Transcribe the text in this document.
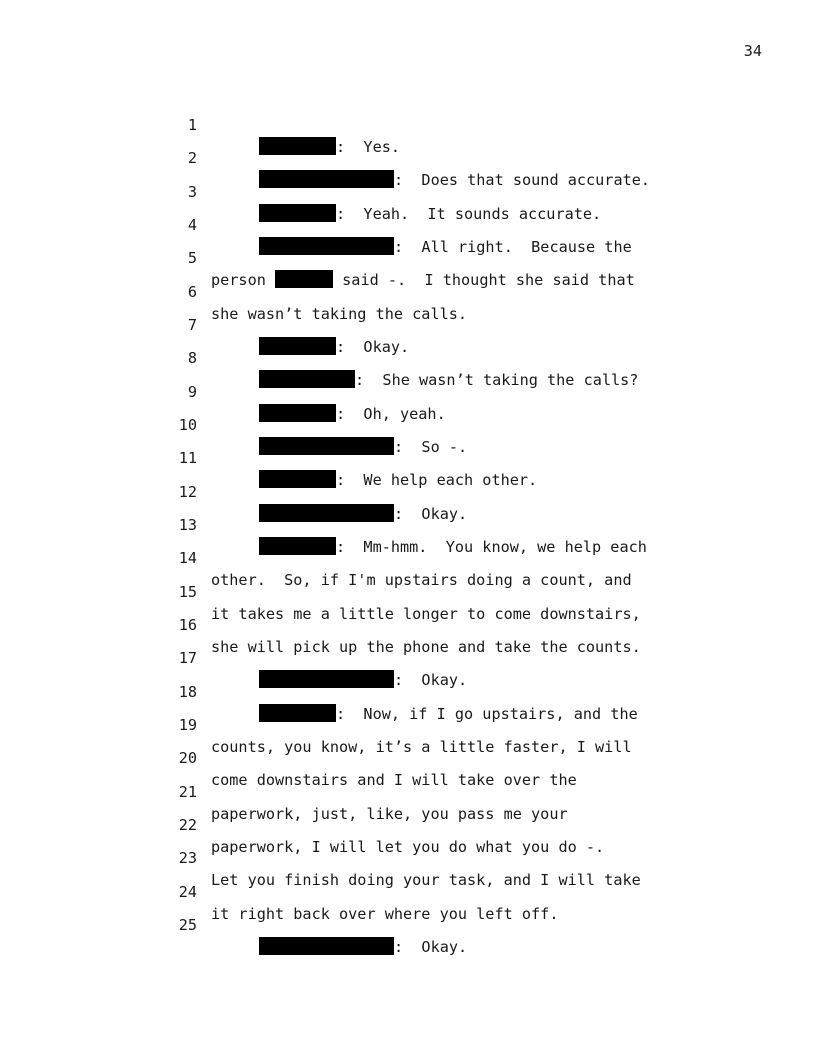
34

1

:  Yes.

2

:  Does that sound accurate.

3

:  Yeah.  It sounds accurate.

4

:  All right.  Because the

5

person	said -.  I thought she said that

6

she wasn’t taking the calls.

7

:  Okay.

8

:  She wasn’t taking the calls?

9

:  Oh, yeah.

10

:  So -.

11

:  We help each other.

12

:  Okay.

13

:  Mm-hmm.  You know, we help each

14

other.  So, if I'm upstairs doing a count, and

15

it takes me a little longer to come downstairs,

16

she will pick up the phone and take the counts.

17

:  Okay.

18

:  Now, if I go upstairs, and the

19

counts, you know, it’s a little faster, I will

20

come downstairs and I will take over the

21

paperwork, just, like, you pass me your

22

paperwork, I will let you do what you do -.

23

Let you finish doing your task, and I will take

24

it right back over where you left off.

25

:  Okay.
